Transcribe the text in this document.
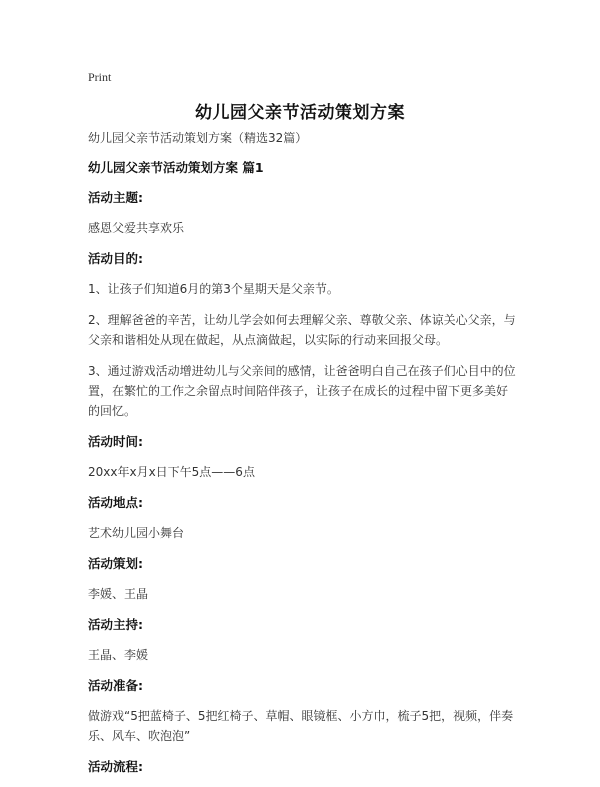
Print
幼儿园父亲节活动策划方案
幼儿园父亲节活动策划方案（精选32篇）
幼儿园父亲节活动策划方案 篇1
活动主题:
感恩父爱共享欢乐
活动目的:
1、让孩子们知道6月的第3个星期天是父亲节。
2、理解爸爸的辛苦，让幼儿学会如何去理解父亲、尊敬父亲、体谅关心父亲，与父亲和谐相处从现在做起，从点滴做起，以实际的行动来回报父母。
3、通过游戏活动增进幼儿与父亲间的感情，让爸爸明白自己在孩子们心目中的位置，在繁忙的工作之余留点时间陪伴孩子，让孩子在成长的过程中留下更多美好的回忆。
活动时间:
20xx年x月x日下午5点——6点
活动地点:
艺术幼儿园小舞台
活动策划:
李媛、王晶
活动主持:
王晶、李媛
活动准备:
做游戏“5把蓝椅子、5把红椅子、草帽、眼镜框、小方巾，梳子5把，视频，伴奏乐、风车、吹泡泡”
活动流程:
